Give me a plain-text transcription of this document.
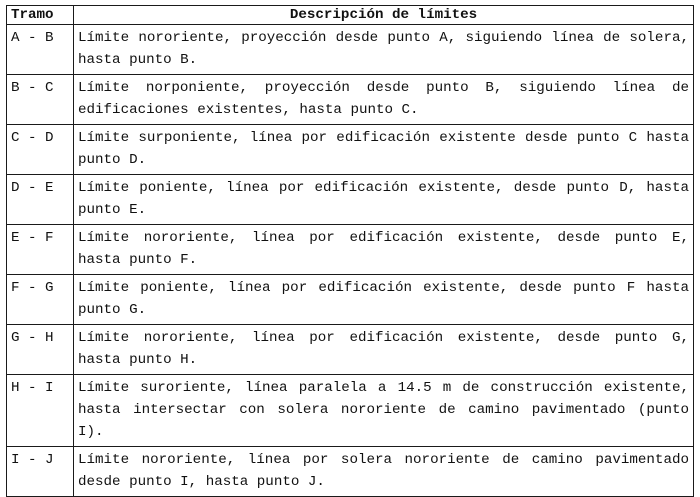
Tramo	Descripción de límites
A - B	Límite nororiente, proyección desde punto A, siguiendo línea de solera, hasta punto B.
B - C	Límite norponiente, proyección desde punto B, siguiendo línea de edificaciones existentes, hasta punto C.
C - D	Límite surponiente, línea por edificación existente desde punto C hasta punto D.
D - E	Límite poniente, línea por edificación existente, desde punto D, hasta punto E.
E - F	Límite nororiente, línea por edificación existente, desde punto E, hasta punto F.
F - G	Límite poniente, línea por edificación existente, desde punto F hasta punto G.
G - H	Límite nororiente, línea por edificación existente, desde punto G, hasta punto H.
H - I	Límite suroriente, línea paralela a 14.5 m de construcción existente, hasta intersectar con solera nororiente de camino pavimentado (punto I).
I - J	Límite nororiente, línea por solera nororiente de camino pavimentado desde punto I, hasta punto J.
